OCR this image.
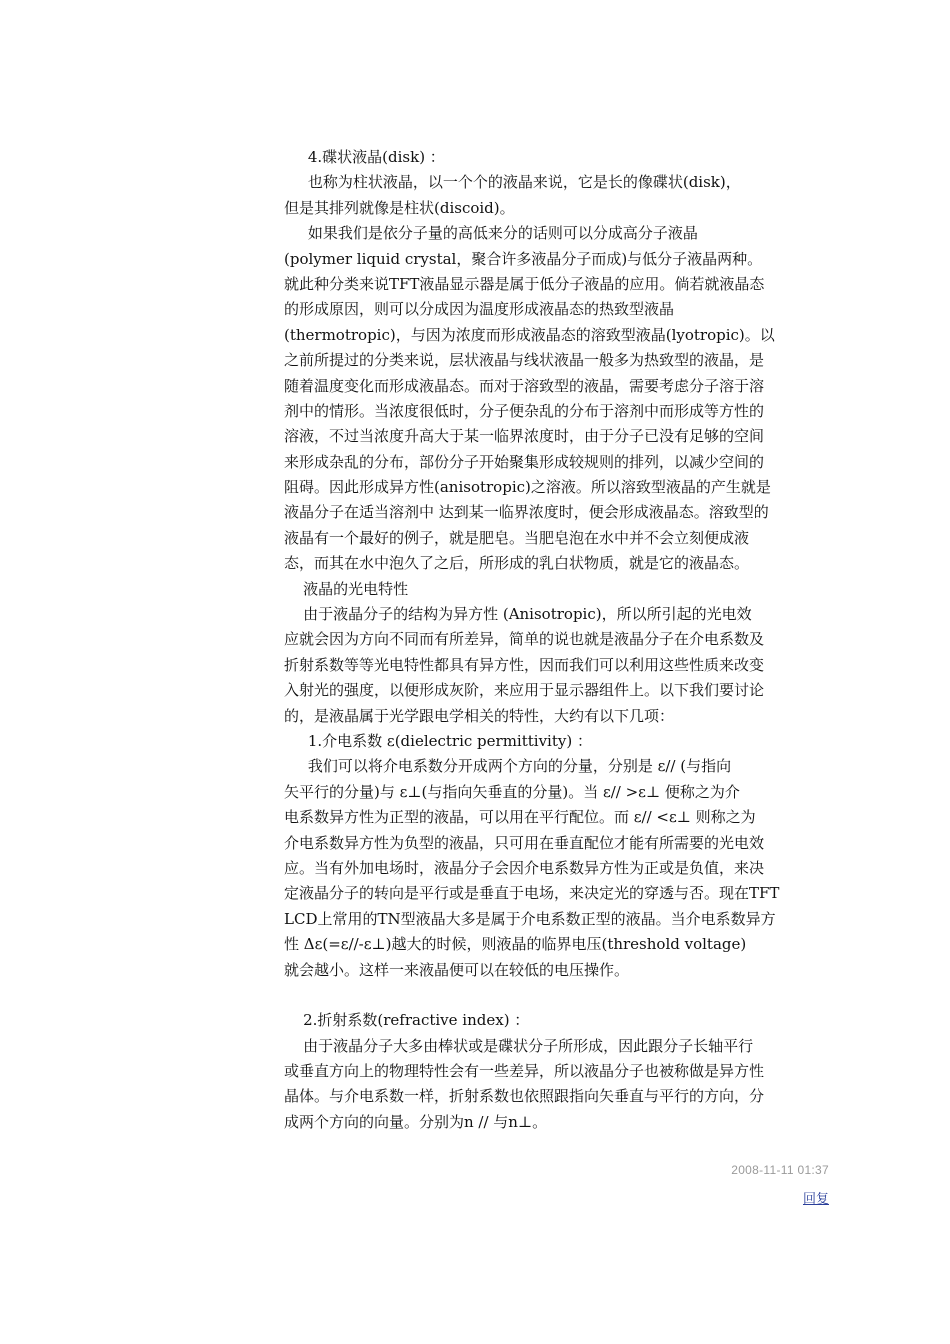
4.碟状液晶(disk) ：
也称为柱状液晶，以一个个的液晶来说，它是长的像碟状(disk)，
但是其排列就像是柱状(discoid)。
如果我们是依分子量的高低来分的话则可以分成高分子液晶
(polymer liquid crystal，聚合许多液晶分子而成)与低分子液晶两种。
就此种分类来说TFT液晶显示器是属于低分子液晶的应用。倘若就液晶态
的形成原因，则可以分成因为温度形成液晶态的热致型液晶
(thermotropic)，与因为浓度而形成液晶态的溶致型液晶(lyotropic)。以
之前所提过的分类来说，层状液晶与线状液晶一般多为热致型的液晶，是
随着温度变化而形成液晶态。而对于溶致型的液晶，需要考虑分子溶于溶
剂中的情形。当浓度很低时，分子便杂乱的分布于溶剂中而形成等方性的
溶液，不过当浓度升高大于某一临界浓度时，由于分子已没有足够的空间
来形成杂乱的分布，部份分子开始聚集形成较规则的排列，以减少空间的
阻碍。因此形成异方性(anisotropic)之溶液。所以溶致型液晶的产生就是
液晶分子在适当溶剂中 达到某一临界浓度时，便会形成液晶态。溶致型的
液晶有一个最好的例子，就是肥皂。当肥皂泡在水中并不会立刻便成液
态，而其在水中泡久了之后，所形成的乳白状物质，就是它的液晶态。
液晶的光电特性
由于液晶分子的结构为异方性 (Anisotropic)，所以所引起的光电效
应就会因为方向不同而有所差异，简单的说也就是液晶分子在介电系数及
折射系数等等光电特性都具有异方性，因而我们可以利用这些性质来改变
入射光的强度，以便形成灰阶，来应用于显示器组件上。以下我们要讨论
的，是液晶属于光学跟电学相关的特性，大约有以下几项：
1.介电系数 ε(dielectric permittivity) ：
我们可以将介电系数分开成两个方向的分量，分别是 ε// (与指向
矢平行的分量)与 ε⊥(与指向矢垂直的分量)。当 ε// >ε⊥ 便称之为介
电系数异方性为正型的液晶，可以用在平行配位。而 ε// <ε⊥ 则称之为
介电系数异方性为负型的液晶，只可用在垂直配位才能有所需要的光电效
应。当有外加电场时，液晶分子会因介电系数异方性为正或是负值，来决
定液晶分子的转向是平行或是垂直于电场，来决定光的穿透与否。现在TFT
LCD上常用的TN型液晶大多是属于介电系数正型的液晶。当介电系数异方
性 Δε(=ε//-ε⊥)越大的时候，则液晶的临界电压(threshold voltage)
就会越小。这样一来液晶便可以在较低的电压操作。
2.折射系数(refractive index) ：
由于液晶分子大多由棒状或是碟状分子所形成，因此跟分子长轴平行
或垂直方向上的物理特性会有一些差异，所以液晶分子也被称做是异方性
晶体。与介电系数一样，折射系数也依照跟指向矢垂直与平行的方向，分
成两个方向的向量。分别为n // 与n⊥。
2008-11-11 01:37
回复
